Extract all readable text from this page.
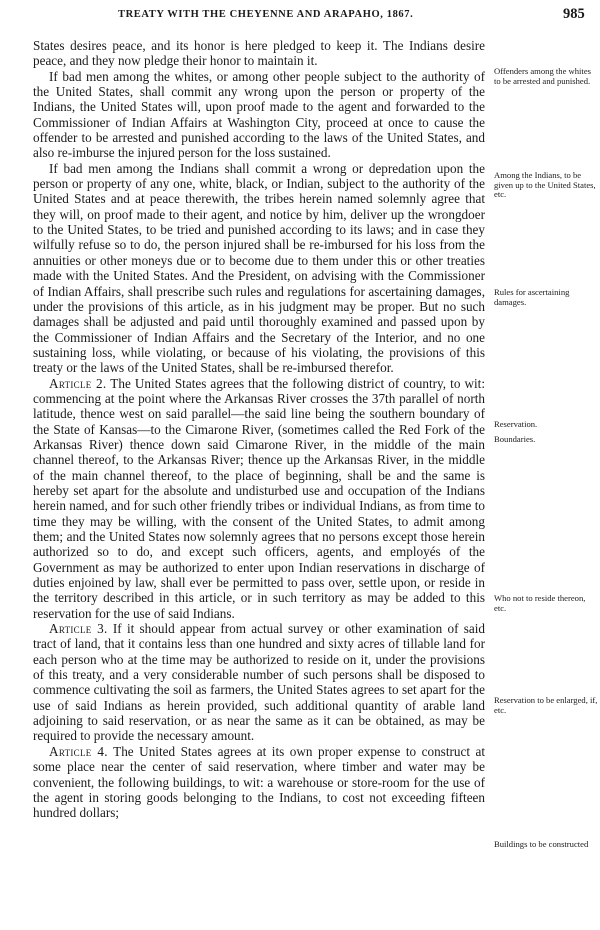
TREATY WITH THE CHEYENNE AND ARAPAHO, 1867.	985

States desires peace, and its honor is here pledged to keep it. The Indians desire peace, and they now pledge their honor to maintain it.

If bad men among the whites, or among other people subject to the authority of the United States, shall commit any wrong upon the person or property of the Indians, the United States will, upon proof made to the agent and forwarded to the Commissioner of Indian Affairs at Washington City, proceed at once to cause the offender to be arrested and punished according to the laws of the United States, and also re-imburse the injured person for the loss sustained.

If bad men among the Indians shall commit a wrong or depredation upon the person or property of any one, white, black, or Indian, subject to the authority of the United States and at peace therewith, the tribes herein named solemnly agree that they will, on proof made to their agent, and notice by him, deliver up the wrongdoer to the United States, to be tried and punished according to its laws; and in case they wilfully refuse so to do, the person injured shall be re-imbursed for his loss from the annuities or other moneys due or to become due to them under this or other treaties made with the United States. And the President, on advising with the Commissioner of Indian Affairs, shall prescribe such rules and regulations for ascertaining damages, under the provisions of this article, as in his judgment may be proper. But no such damages shall be adjusted and paid until thoroughly examined and passed upon by the Commissioner of Indian Affairs and the Secretary of the Interior, and no one sustaining loss, while violating, or because of his violating, the provisions of this treaty or the laws of the United States, shall be re-imbursed therefor.

Article 2. The United States agrees that the following district of country, to wit: commencing at the point where the Arkansas River crosses the 37th parallel of north latitude, thence west on said parallel—the said line being the southern boundary of the State of Kansas—to the Cimarone River, (sometimes called the Red Fork of the Arkansas River) thence down said Cimarone River, in the middle of the main channel thereof, to the Arkansas River; thence up the Arkansas River, in the middle of the main channel thereof, to the place of beginning, shall be and the same is hereby set apart for the absolute and undisturbed use and occupation of the Indians herein named, and for such other friendly tribes or individual Indians, as from time to time they may be willing, with the consent of the United States, to admit among them; and the United States now solemnly agrees that no persons except those herein authorized so to do, and except such officers, agents, and employés of the Government as may be authorized to enter upon Indian reservations in discharge of duties enjoined by law, shall ever be permitted to pass over, settle upon, or reside in the territory described in this article, or in such territory as may be added to this reservation for the use of said Indians.

Article 3. If it should appear from actual survey or other examination of said tract of land, that it contains less than one hundred and sixty acres of tillable land for each person who at the time may be authorized to reside on it, under the provisions of this treaty, and a very considerable number of such persons shall be disposed to commence cultivating the soil as farmers, the United States agrees to set apart for the use of said Indians as herein provided, such additional quantity of arable land adjoining to said reservation, or as near the same as it can be obtained, as may be required to provide the necessary amount.

Article 4. The United States agrees at its own proper expense to construct at some place near the center of said reservation, where timber and water may be convenient, the following buildings, to wit: a warehouse or store-room for the use of the agent in storing goods belonging to the Indians, to cost not exceeding fifteen hundred dollars;

Offenders among the whites to be arrested and punished.
Among the Indians, to be given up to the United States, etc.
Rules for ascertaining damages.
Reservation.
Boundaries.
Who not to reside thereon, etc.
Reservation to be enlarged, if, etc.
Buildings to be constructed
